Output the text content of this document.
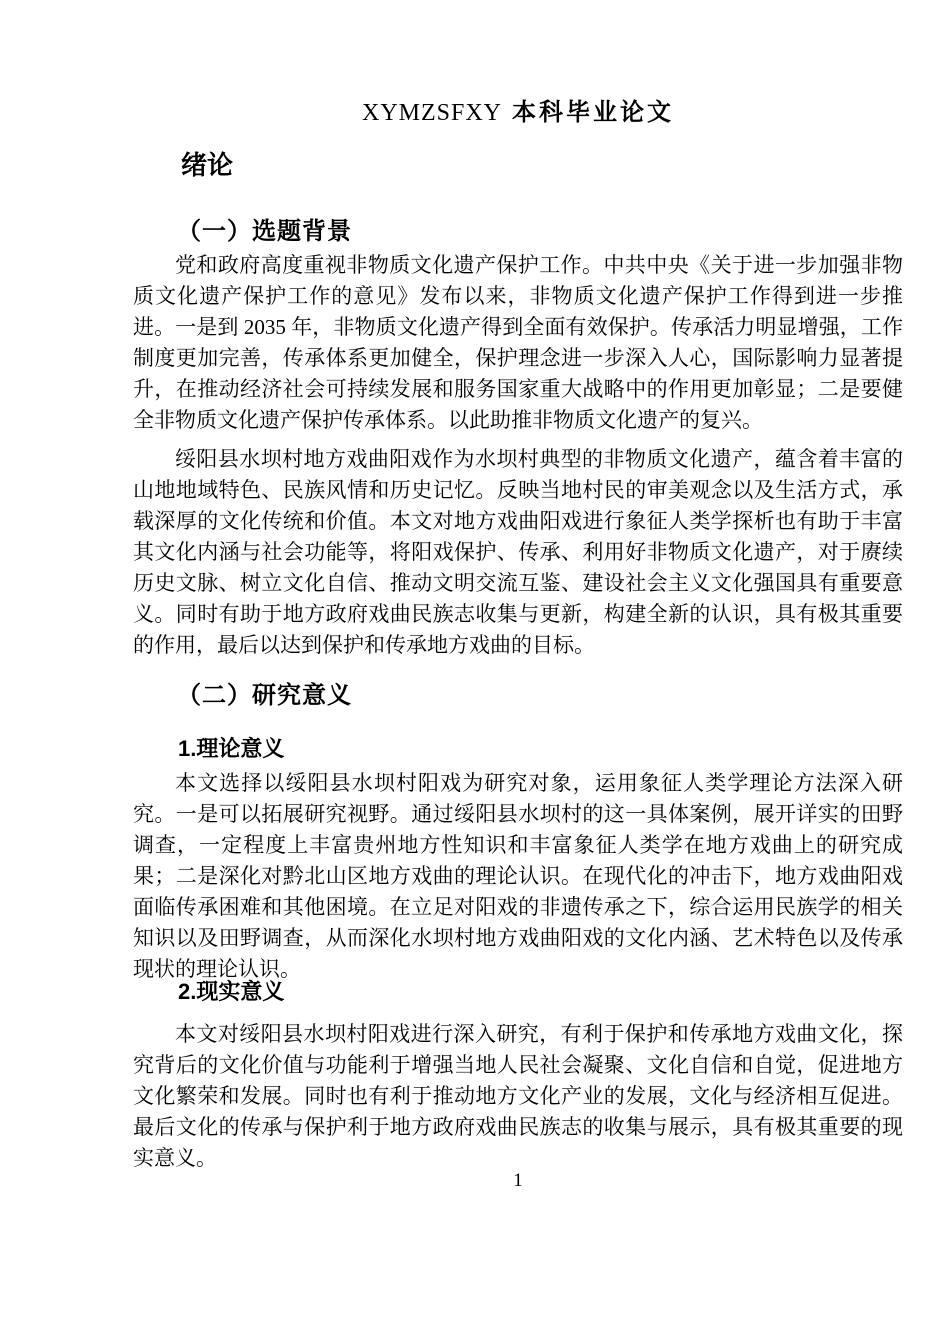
XYMZSFXY 本科毕业论文
绪论
（一）选题背景

党和政府高度重视非物质文化遗产保护工作。中共中央《关于进一步加强非物质文化遗产保护工作的意见》发布以来，非物质文化遗产保护工作得到进一步推进。一是到 2035 年，非物质文化遗产得到全面有效保护。传承活力明显增强，工作制度更加完善，传承体系更加健全，保护理念进一步深入人心，国际影响力显著提升，在推动经济社会可持续发展和服务国家重大战略中的作用更加彰显；二是要健全非物质文化遗产保护传承体系。以此助推非物质文化遗产的复兴。

绥阳县水坝村地方戏曲阳戏作为水坝村典型的非物质文化遗产，蕴含着丰富的山地地域特色、民族风情和历史记忆。反映当地村民的审美观念以及生活方式，承载深厚的文化传统和价值。本文对地方戏曲阳戏进行象征人类学探析也有助于丰富其文化内涵与社会功能等，将阳戏保护、传承、利用好非物质文化遗产，对于赓续历史文脉、树立文化自信、推动文明交流互鉴、建设社会主义文化强国具有重要意义。同时有助于地方政府戏曲民族志收集与更新，构建全新的认识，具有极其重要的作用，最后以达到保护和传承地方戏曲的目标。

（二）研究意义
1.理论意义

本文选择以绥阳县水坝村阳戏为研究对象，运用象征人类学理论方法深入研究。一是可以拓展研究视野。通过绥阳县水坝村的这一具体案例，展开详实的田野调查，一定程度上丰富贵州地方性知识和丰富象征人类学在地方戏曲上的研究成果；二是深化对黔北山区地方戏曲的理论认识。在现代化的冲击下，地方戏曲阳戏面临传承困难和其他困境。在立足对阳戏的非遗传承之下，综合运用民族学的相关知识以及田野调查，从而深化水坝村地方戏曲阳戏的文化内涵、艺术特色以及传承现状的理论认识。

2.现实意义

本文对绥阳县水坝村阳戏进行深入研究，有利于保护和传承地方戏曲文化，探究背后的文化价值与功能利于增强当地人民社会凝聚、文化自信和自觉，促进地方文化繁荣和发展。同时也有利于推动地方文化产业的发展，文化与经济相互促进。最后文化的传承与保护利于地方政府戏曲民族志的收集与展示，具有极其重要的现实意义。

1
